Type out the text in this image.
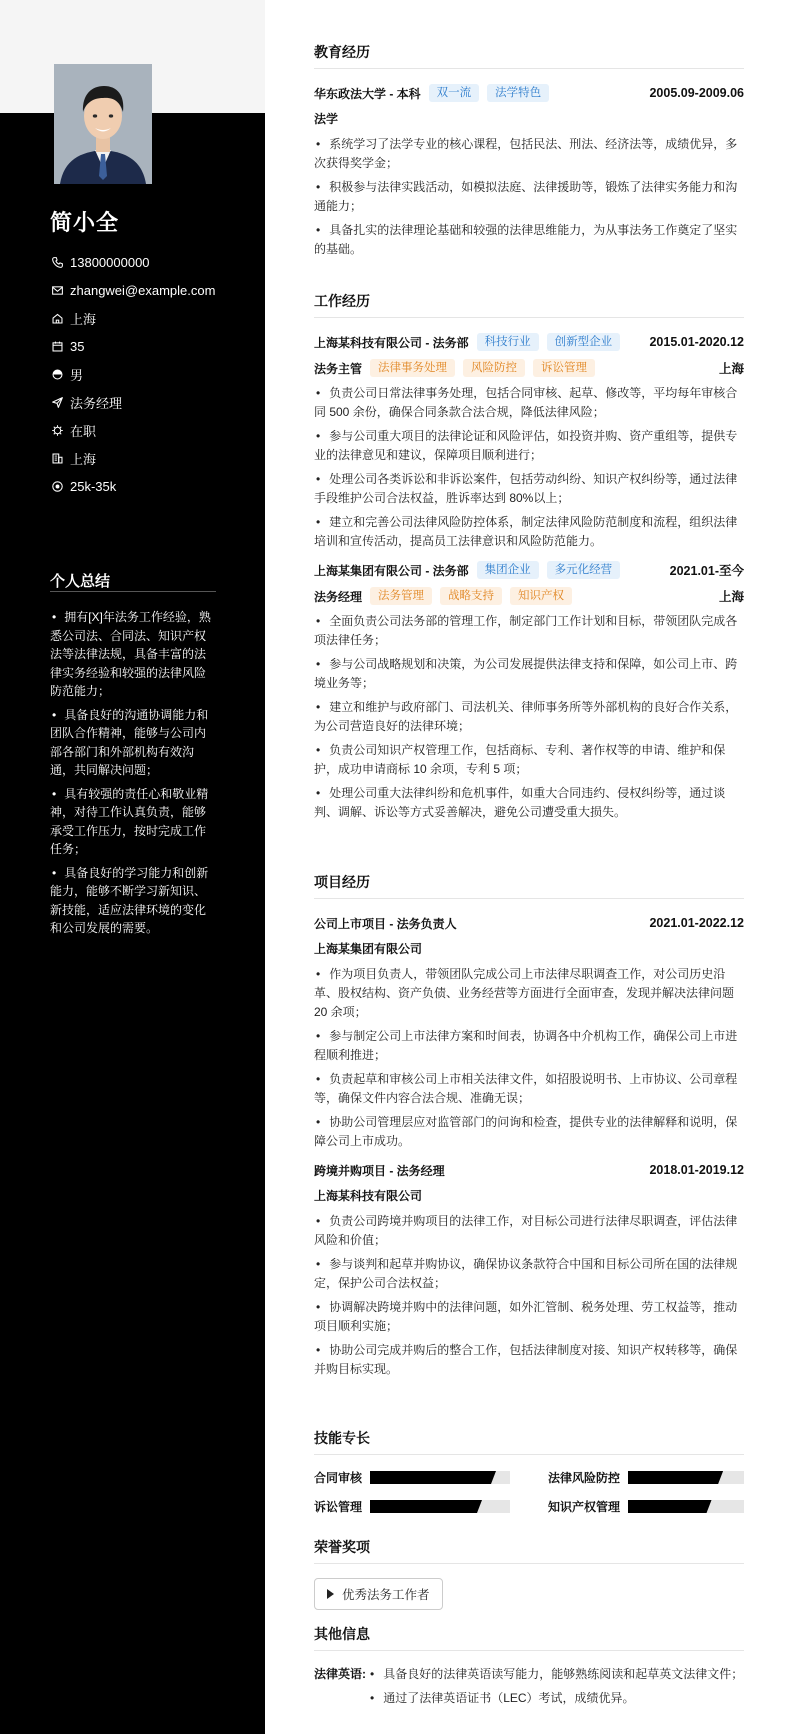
简小全
13800000000
zhangwei@example.com
上海
35
男
法务经理
在职
上海
25k-35k
个人总结
• 拥有[X]年法务工作经验，熟悉公司法、合同法、知识产权法等法律法规，具备丰富的法律实务经验和较强的法律风险防范能力；
• 具备良好的沟通协调能力和团队合作精神，能够与公司内部各部门和外部机构有效沟通，共同解决问题；
• 具有较强的责任心和敬业精神，对待工作认真负责，能够承受工作压力，按时完成工作任务；
• 具备良好的学习能力和创新能力，能够不断学习新知识、新技能，适应法律环境的变化和公司发展的需要。
教育经历
华东政法大学 - 本科	双一流	法学特色	2005.09-2009.06
法学
• 系统学习了法学专业的核心课程，包括民法、刑法、经济法等，成绩优异，多次获得奖学金；
• 积极参与法律实践活动，如模拟法庭、法律援助等，锻炼了法律实务能力和沟通能力；
• 具备扎实的法律理论基础和较强的法律思维能力，为从事法务工作奠定了坚实的基础。
工作经历
上海某科技有限公司 - 法务部	科技行业	创新型企业	2015.01-2020.12
法务主管	法律事务处理	风险防控	诉讼管理	上海
• 负责公司日常法律事务处理，包括合同审核、起草、修改等，平均每年审核合同 500 余份，确保合同条款合法合规，降低法律风险；
• 参与公司重大项目的法律论证和风险评估，如投资并购、资产重组等，提供专业的法律意见和建议，保障项目顺利进行；
• 处理公司各类诉讼和非诉讼案件，包括劳动纠纷、知识产权纠纷等，通过法律手段维护公司合法权益，胜诉率达到 80%以上；
• 建立和完善公司法律风险防控体系，制定法律风险防范制度和流程，组织法律培训和宣传活动，提高员工法律意识和风险防范能力。
上海某集团有限公司 - 法务部	集团企业	多元化经营	2021.01-至今
法务经理	法务管理	战略支持	知识产权	上海
• 全面负责公司法务部的管理工作，制定部门工作计划和目标，带领团队完成各项法律任务；
• 参与公司战略规划和决策，为公司发展提供法律支持和保障，如公司上市、跨境业务等；
• 建立和维护与政府部门、司法机关、律师事务所等外部机构的良好合作关系，为公司营造良好的法律环境；
• 负责公司知识产权管理工作，包括商标、专利、著作权等的申请、维护和保护，成功申请商标 10 余项，专利 5 项；
• 处理公司重大法律纠纷和危机事件，如重大合同违约、侵权纠纷等，通过谈判、调解、诉讼等方式妥善解决，避免公司遭受重大损失。
项目经历
公司上市项目 - 法务负责人	2021.01-2022.12
上海某集团有限公司
• 作为项目负责人，带领团队完成公司上市法律尽职调查工作，对公司历史沿革、股权结构、资产负债、业务经营等方面进行全面审查，发现并解决法律问题 20 余项；
• 参与制定公司上市法律方案和时间表，协调各中介机构工作，确保公司上市进程顺利推进；
• 负责起草和审核公司上市相关法律文件，如招股说明书、上市协议、公司章程等，确保文件内容合法合规、准确无误；
• 协助公司管理层应对监管部门的问询和检查，提供专业的法律解释和说明，保障公司上市成功。
跨境并购项目 - 法务经理	2018.01-2019.12
上海某科技有限公司
• 负责公司跨境并购项目的法律工作，对目标公司进行法律尽职调查，评估法律风险和价值；
• 参与谈判和起草并购协议，确保协议条款符合中国和目标公司所在国的法律规定，保护公司合法权益；
• 协调解决跨境并购中的法律问题，如外汇管制、税务处理、劳工权益等，推动项目顺利实施；
• 协助公司完成并购后的整合工作，包括法律制度对接、知识产权转移等，确保并购目标实现。
技能专长
合同审核	法律风险防控
诉讼管理	知识产权管理
荣誉奖项
优秀法务工作者
其他信息
法律英语:
•	具备良好的法律英语读写能力，能够熟练阅读和起草英文法律文件；
• 通过了法律英语证书（LEC）考试，成绩优异。
